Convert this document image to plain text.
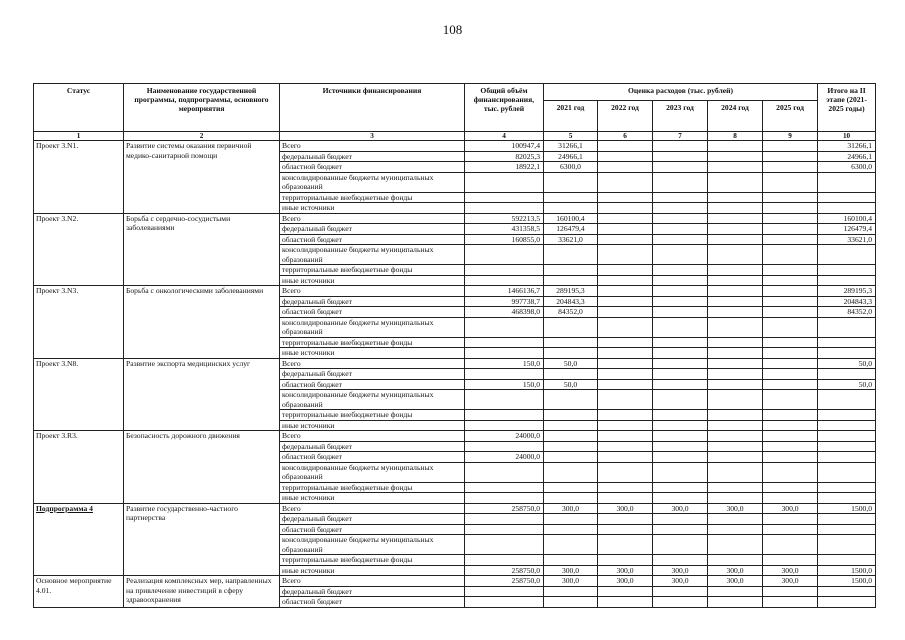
108
Статус	Наименование государственной программы, подпрограммы, основного мероприятия	Источники финансирования	Общий объём финансирования, тыс. рублей	Оценка расходов (тыс. рублей)					Итого на II этапе (2021-2025 годы)
				2021 год	2022 год	2023 год	2024 год	2025 год	
1	2	3	4	5	6	7	8	9	10
Проект 3.N1.	Развитие системы оказания первичной медико-санитарной помощи	Всего	100947,4	31266,1					31266,1
		федеральный бюджет	82025,3	24966,1					24966,1
		областной бюджет	18922,1	6300,0					6300,0
		консолидированные бюджеты муниципальных образований							
		территориальные внебюджетные фонды							
		иные источники							
Проект 3.N2.	Борьба с сердечно-сосудистыми заболеваниями	Всего	592213,5	160100,4					160100,4
		федеральный бюджет	431358,5	126479,4					126479,4
		областной бюджет	160855,0	33621,0					33621,0
		консолидированные бюджеты муниципальных образований							
		территориальные внебюджетные фонды							
		иные источники							
Проект 3.N3.	Борьба с онкологическими заболеваниями	Всего	1466136,7	289195,3					289195,3
		федеральный бюджет	997738,7	204843,3					204843,3
		областной бюджет	468398,0	84352,0					84352,0
		консолидированные бюджеты муниципальных образований							
		территориальные внебюджетные фонды							
		иные источники							
Проект 3.N8.	Развитие экспорта медицинских услуг	Всего	150,0	50,0					50,0
		федеральный бюджет							
		областной бюджет	150,0	50,0					50,0
		консолидированные бюджеты муниципальных образований							
		территориальные внебюджетные фонды							
		иные источники							
Проект 3.R3.	Безопасность дорожного движения	Всего	24000,0						
		федеральный бюджет							
		областной бюджет	24000,0						
		консолидированные бюджеты муниципальных образований							
		территориальные внебюджетные фонды							
		иные источники							
Подпрограмма 4	Развитие государственно-частного партнерства	Всего	258750,0	300,0	300,0	300,0	300,0	300,0	1500,0
		федеральный бюджет							
		областной бюджет							
		консолидированные бюджеты муниципальных образований							
		территориальные внебюджетные фонды							
		иные источники	258750,0	300,0	300,0	300,0	300,0	300,0	1500,0
Основное мероприятие 4.01.	Реализация комплексных мер, направленных на привлечение инвестиций в сферу здравоохранения	Всего	258750,0	300,0	300,0	300,0	300,0	300,0	1500,0
		федеральный бюджет							
		областной бюджет							
